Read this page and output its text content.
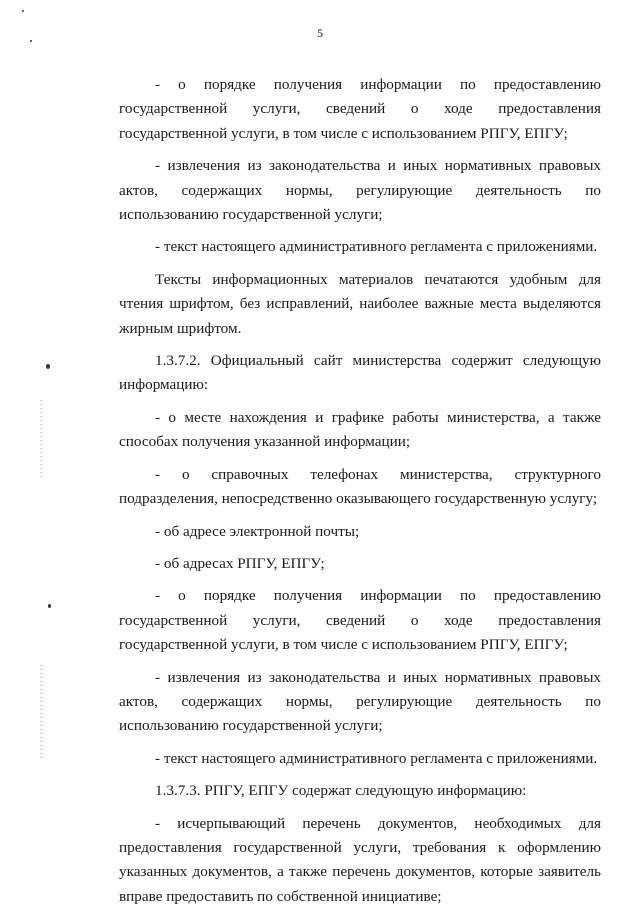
5

- о порядке получения информации по предоставлению государственной услуги, сведений о ходе предоставления государственной услуги, в том числе с использованием РПГУ, ЕПГУ;

- извлечения из законодательства и иных нормативных правовых актов, содержащих нормы, регулирующие деятельность по использованию государственной услуги;

- текст настоящего административного регламента с приложениями.

Тексты информационных материалов печатаются удобным для чтения шрифтом, без исправлений, наиболее важные места выделяются жирным шрифтом.

1.3.7.2. Официальный сайт министерства содержит следующую информацию:

- о месте нахождения и графике работы министерства, а также способах получения указанной информации;

- о справочных телефонах министерства, структурного подразделения, непосредственно оказывающего государственную услугу;

- об адресе электронной почты;

- об адресах РПГУ, ЕПГУ;

- о порядке получения информации по предоставлению государственной услуги, сведений о ходе предоставления государственной услуги, в том числе с использованием РПГУ, ЕПГУ;

- извлечения из законодательства и иных нормативных правовых актов, содержащих нормы, регулирующие деятельность по использованию государственной услуги;

- текст настоящего административного регламента с приложениями.

1.3.7.3. РПГУ, ЕПГУ содержат следующую информацию:

- исчерпывающий перечень документов, необходимых для предоставления государственной услуги, требования к оформлению указанных документов, а также перечень документов, которые заявитель вправе предоставить по собственной инициативе;
